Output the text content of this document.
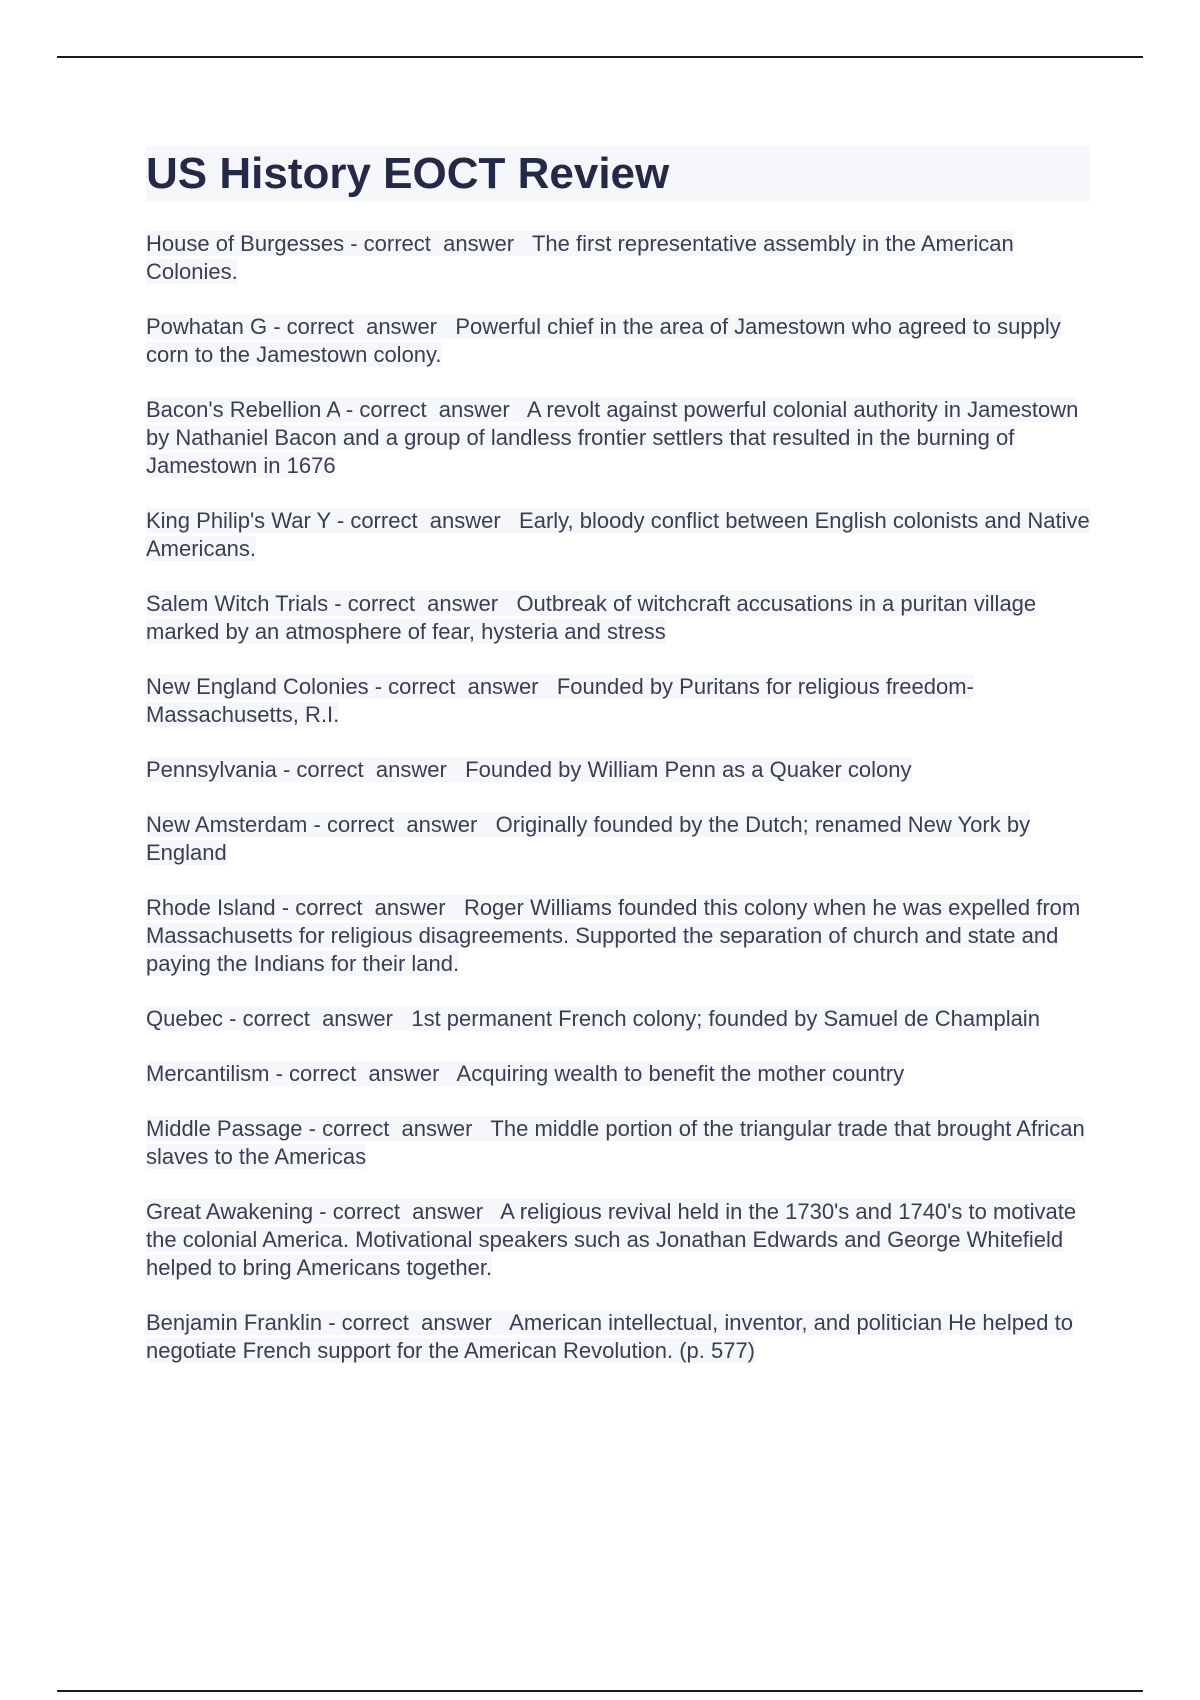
US History EOCT Review
House of Burgesses - correct  answer   The first representative assembly in the American Colonies.
Powhatan G - correct  answer   Powerful chief in the area of Jamestown who agreed to supply corn to the Jamestown colony.
Bacon's Rebellion A - correct  answer   A revolt against powerful colonial authority in Jamestown by Nathaniel Bacon and a group of landless frontier settlers that resulted in the burning of Jamestown in 1676
King Philip's War Y - correct  answer   Early, bloody conflict between English colonists and Native Americans.
Salem Witch Trials - correct  answer   Outbreak of witchcraft accusations in a puritan village marked by an atmosphere of fear, hysteria and stress
New England Colonies - correct  answer   Founded by Puritans for religious freedom- Massachusetts, R.I.
Pennsylvania - correct  answer   Founded by William Penn as a Quaker colony
New Amsterdam - correct  answer   Originally founded by the Dutch; renamed New York by England
Rhode Island - correct  answer   Roger Williams founded this colony when he was expelled from Massachusetts for religious disagreements. Supported the separation of church and state and paying the Indians for their land.
Quebec - correct  answer   1st permanent French colony; founded by Samuel de Champlain
Mercantilism - correct  answer   Acquiring wealth to benefit the mother country
Middle Passage - correct  answer   The middle portion of the triangular trade that brought African slaves to the Americas
Great Awakening - correct  answer   A religious revival held in the 1730's and 1740's to motivate the colonial America. Motivational speakers such as Jonathan Edwards and George Whitefield helped to bring Americans together.
Benjamin Franklin - correct  answer   American intellectual, inventor, and politician He helped to negotiate French support for the American Revolution. (p. 577)
